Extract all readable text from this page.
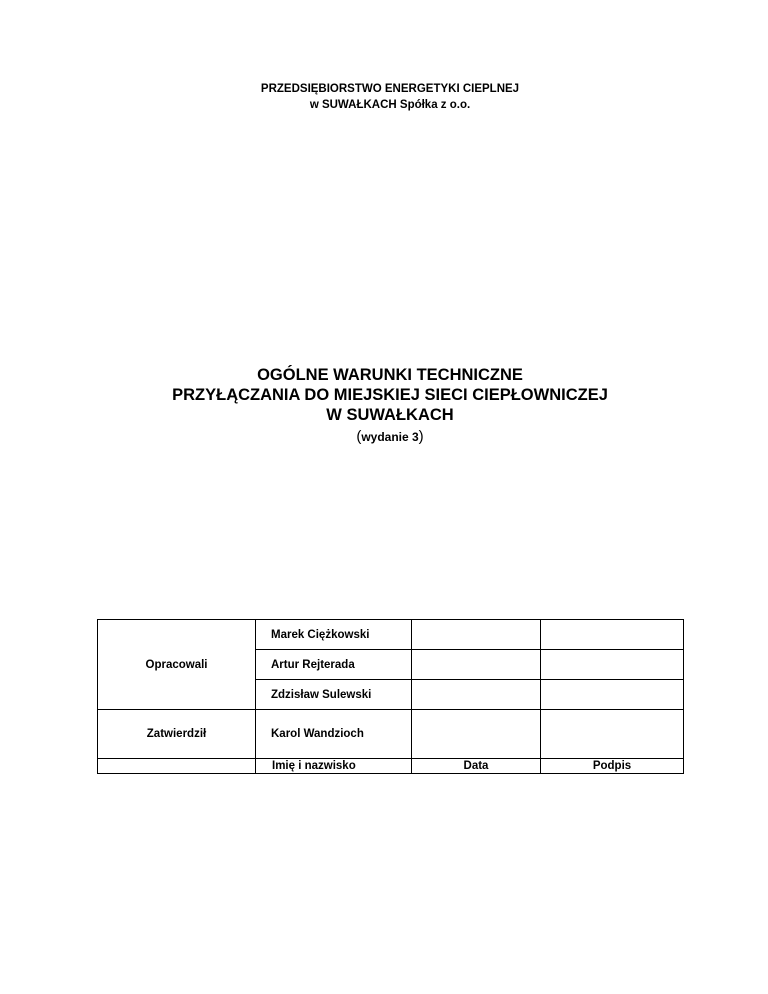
PRZEDSIĘBIORSTWO ENERGETYKI CIEPLNEJ
w SUWAŁKACH Spółka z o.o.
OGÓLNE WARUNKI TECHNICZNE
PRZYŁĄCZANIA DO MIEJSKIEJ SIECI CIEPŁOWNICZEJ
W SUWAŁKACH
(wydanie 3)
Opracowali	Marek Ciężkowski		
	Artur Rejterada		
	Zdzisław Sulewski		
Zatwierdził	Karol Wandzioch		
	Imię i nazwisko	Data	Podpis
